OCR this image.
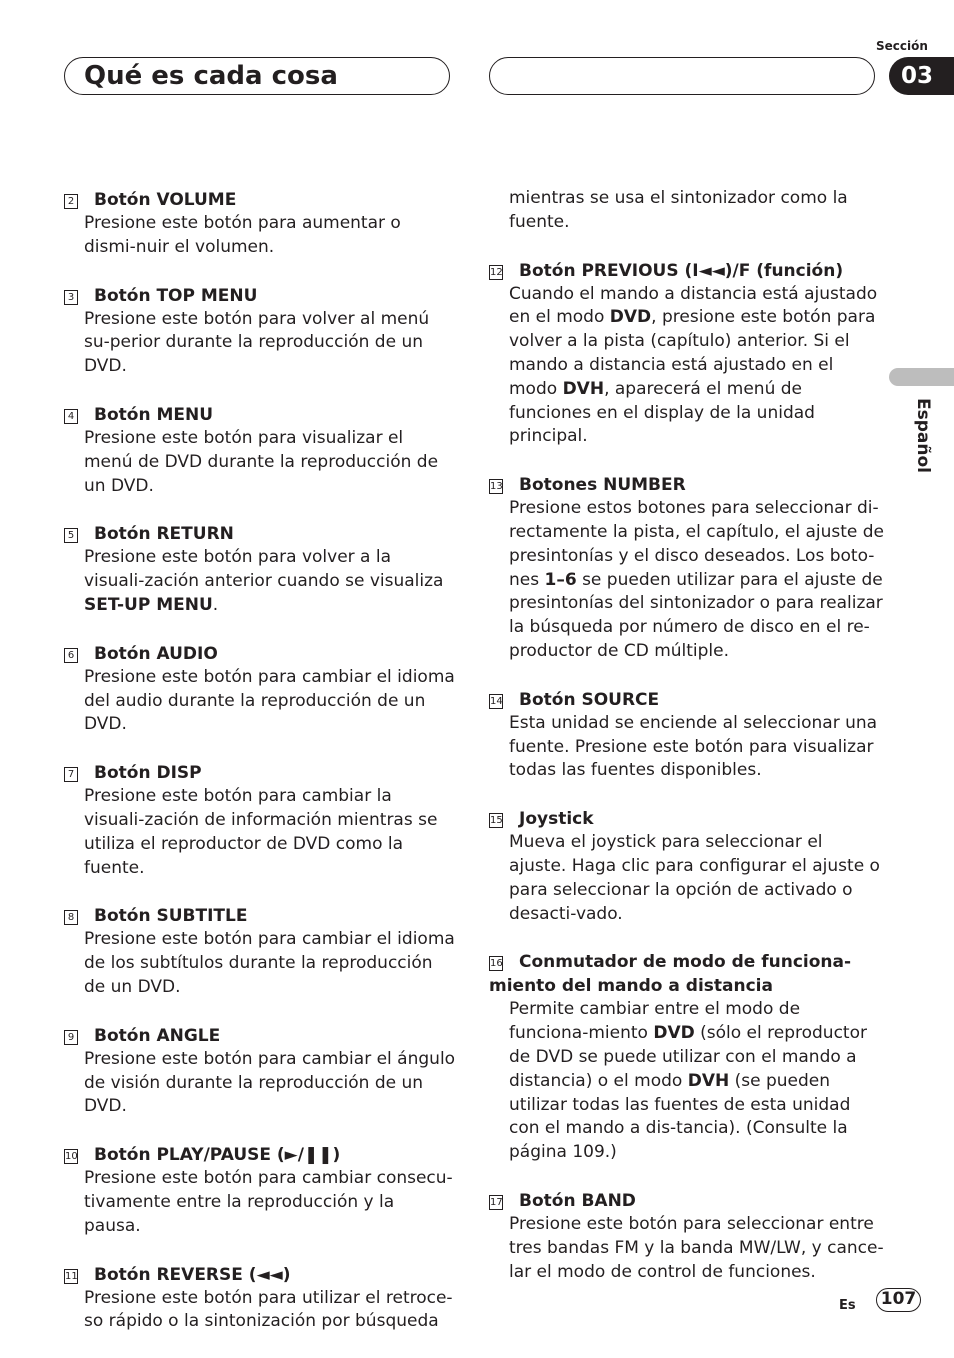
Qué es cada cosa
Sección
03
Español
2 Botón VOLUME
Presione este botón para aumentar o dismi-nuir el volumen.
3 Botón TOP MENU
Presione este botón para volver al menú su-perior durante la reproducción de un DVD.
4 Botón MENU
Presione este botón para visualizar el menú de DVD durante la reproducción de un DVD.
5 Botón RETURN
Presione este botón para volver a la visuali-zación anterior cuando se visualiza
SET-UP MENU.
6 Botón AUDIO
Presione este botón para cambiar el idioma del audio durante la reproducción de un DVD.
7 Botón DISP
Presione este botón para cambiar la visuali-zación de información mientras se utiliza el reproductor de DVD como la fuente.
8 Botón SUBTITLE
Presione este botón para cambiar el idioma de los subtítulos durante la reproducción de un DVD.
9 Botón ANGLE
Presione este botón para cambiar el ángulo de visión durante la reproducción de un DVD.
10 Botón PLAY/PAUSE (►/❚❚)
Presione este botón para cambiar consecu-tivamente entre la reproducción y la pausa.
11 Botón REVERSE (◄◄)
Presione este botón para utilizar el retroce-so rápido o la sintonización por búsqueda
mientras se usa el sintonizador como la fuente.
12 Botón PREVIOUS (I◄◄)/F (función)
Cuando el mando a distancia está ajustado en el modo DVD, presione este botón para volver a la pista (capítulo) anterior. Si el mando a distancia está ajustado en el modo DVH, aparecerá el menú de funciones en el display de la unidad principal.
13 Botones NUMBER
Presione estos botones para seleccionar di-rectamente la pista, el capítulo, el ajuste de presintonías y el disco deseados. Los boto-nes 1–6 se pueden utilizar para el ajuste de presintonías del sintonizador o para realizar la búsqueda por número de disco en el re-productor de CD múltiple.
14 Botón SOURCE
Esta unidad se enciende al seleccionar una fuente. Presione este botón para visualizar todas las fuentes disponibles.
15 Joystick
Mueva el joystick para seleccionar el ajuste. Haga clic para configurar el ajuste o para seleccionar la opción de activado o desacti-vado.
16 Conmutador de modo de funciona-miento del mando a distancia
Permite cambiar entre el modo de funciona-miento DVD (sólo el reproductor de DVD se puede utilizar con el mando a distancia) o el modo DVH (se pueden utilizar todas las fuentes de esta unidad con el mando a dis-tancia). (Consulte la página 109.)
17 Botón BAND
Presione este botón para seleccionar entre tres bandas FM y la banda MW/LW, y cance-lar el modo de control de funciones.
Es 107
